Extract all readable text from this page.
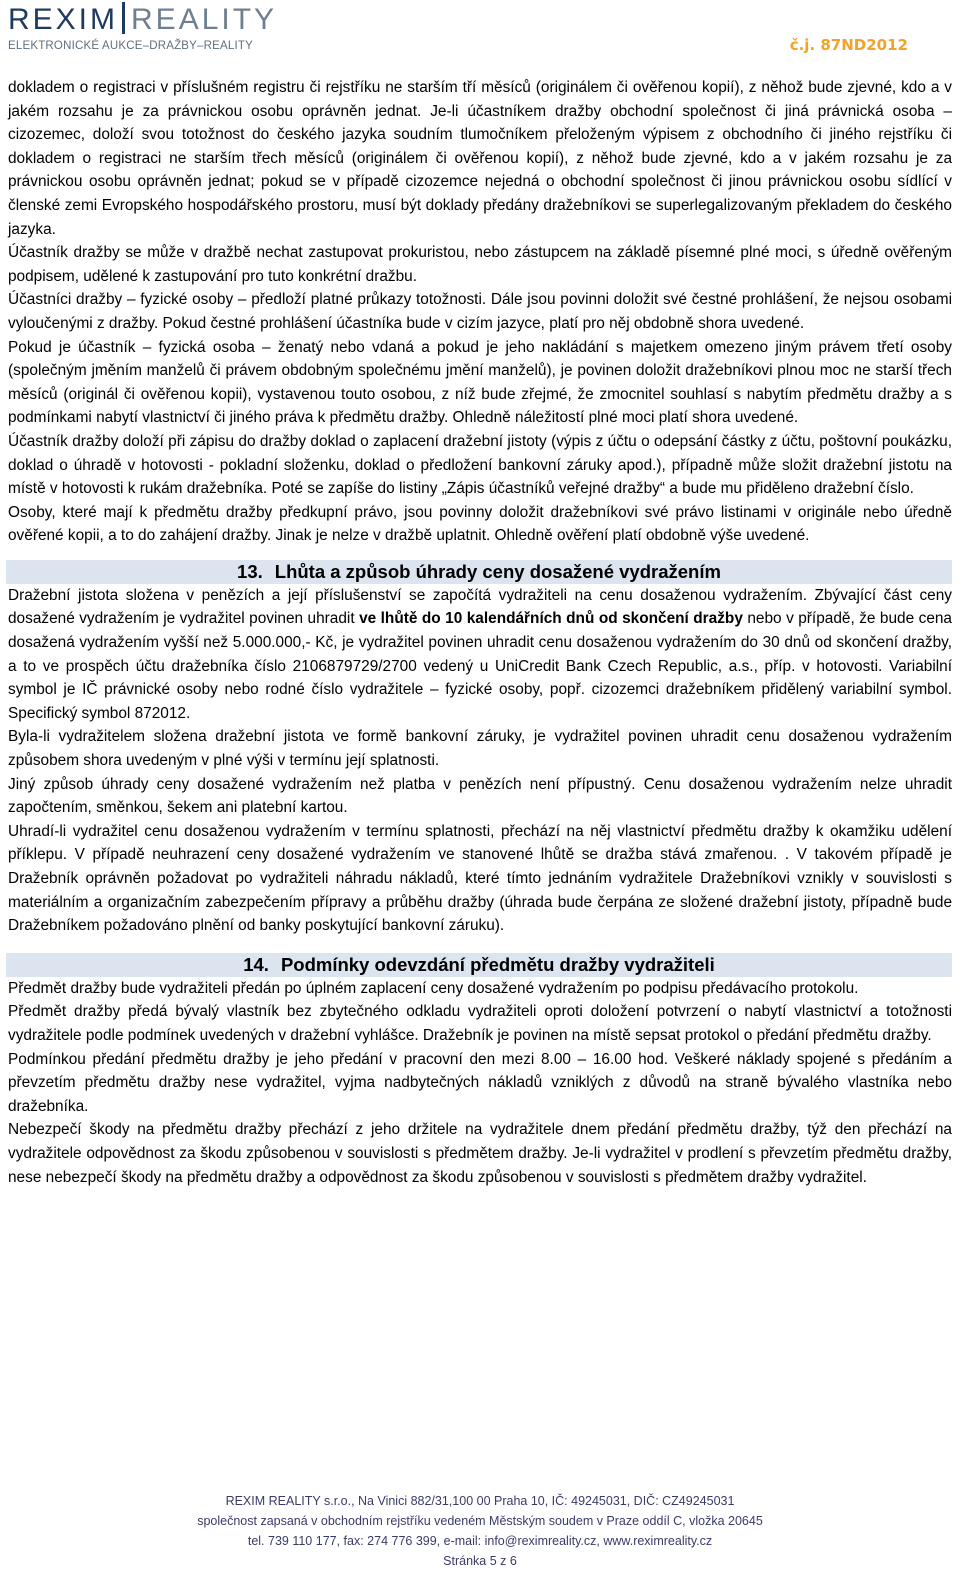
REXIM REALITY
ELEKTRONICKÉ AUKCE–DRAŽBY–REALITY	č.j. 87ND2012

dokladem o registraci v příslušném registru či rejstříku ne starším tří měsíců (originálem či ověřenou kopií), z něhož bude zjevné, kdo a v jakém rozsahu je za právnickou osobu oprávněn jednat. Je-li účastníkem dražby obchodní společnost či jiná právnická osoba – cizozemec, doloží svou totožnost do českého jazyka soudním tlumočníkem přeloženým výpisem z obchodního či jiného rejstříku či dokladem o registraci ne starším třech měsíců (originálem či ověřenou kopií), z něhož bude zjevné, kdo a v jakém rozsahu je za právnickou osobu oprávněn jednat; pokud se v případě cizozemce nejedná o obchodní společnost či jinou právnickou osobu sídlící v členské zemi Evropského hospodářského prostoru, musí být doklady předány dražebníkovi se superlegalizovaným překladem do českého jazyka.

Účastník dražby se může v dražbě nechat zastupovat prokuristou, nebo zástupcem na základě písemné plné moci, s úředně ověřeným podpisem, udělené k zastupování pro tuto konkrétní dražbu.

Účastníci dražby – fyzické osoby – předloží platné průkazy totožnosti. Dále jsou povinni doložit své čestné prohlášení, že nejsou osobami vyloučenými z dražby. Pokud čestné prohlášení účastníka bude v cizím jazyce, platí pro něj obdobně shora uvedené.

Pokud je účastník – fyzická osoba – ženatý nebo vdaná a pokud je jeho nakládání s majetkem omezeno jiným právem třetí osoby (společným jměním manželů či právem obdobným společnému jmění manželů), je povinen doložit dražebníkovi plnou moc ne starší třech měsíců (originál či ověřenou kopii), vystavenou touto osobou, z níž bude zřejmé, že zmocnitel souhlasí s nabytím předmětu dražby a s podmínkami nabytí vlastnictví či jiného práva k předmětu dražby. Ohledně náležitostí plné moci platí shora uvedené.

Účastník dražby doloží při zápisu do dražby doklad o zaplacení dražební jistoty (výpis z účtu o odepsání částky z účtu, poštovní poukázku, doklad o úhradě v hotovosti - pokladní složenku, doklad o předložení bankovní záruky apod.), případně může složit dražební jistotu na místě v hotovosti k rukám dražebníka. Poté se zapíše do listiny „Zápis účastníků veřejné dražby“ a bude mu přiděleno dražební číslo.

Osoby, které mají k předmětu dražby předkupní právo, jsou povinny doložit dražebníkovi své právo listinami v originále nebo úředně ověřené kopii, a to do zahájení dražby. Jinak je nelze v dražbě uplatnit. Ohledně ověření platí obdobně výše uvedené.

13. Lhůta a způsob úhrady ceny dosažené vydražením

Dražební jistota složena v penězích a její příslušenství se započítá vydražiteli na cenu dosaženou vydražením. Zbývající část ceny dosažené vydražením je vydražitel povinen uhradit ve lhůtě do 10 kalendářních dnů od skončení dražby nebo v případě, že bude cena dosažená vydražením vyšší než 5.000.000,- Kč, je vydražitel povinen uhradit cenu dosaženou vydražením do 30 dnů od skončení dražby, a to ve prospěch účtu dražebníka číslo 2106879729/2700 vedený u UniCredit Bank Czech Republic, a.s., příp. v hotovosti. Variabilní symbol je IČ právnické osoby nebo rodné číslo vydražitele – fyzické osoby, popř. cizozemci dražebníkem přidělený variabilní symbol. Specifický symbol 872012.

Byla-li vydražitelem složena dražební jistota ve formě bankovní záruky, je vydražitel povinen uhradit cenu dosaženou vydražením způsobem shora uvedeným v plné výši v termínu její splatnosti.

Jiný způsob úhrady ceny dosažené vydražením než platba v penězích není přípustný. Cenu dosaženou vydražením nelze uhradit započtením, směnkou, šekem ani platební kartou.

Uhradí-li vydražitel cenu dosaženou vydražením v termínu splatnosti, přechází na něj vlastnictví předmětu dražby k okamžiku udělení příklepu. V případě neuhrazení ceny dosažené vydražením ve stanovené lhůtě se dražba stává zmařenou. . V takovém případě je Dražebník oprávněn požadovat po vydražiteli náhradu nákladů, které tímto jednáním vydražitele Dražebníkovi vznikly v souvislosti s materiálním a organizačním zabezpečením přípravy a průběhu dražby (úhrada bude čerpána ze složené dražební jistoty, případně bude Dražebníkem požadováno plnění od banky poskytující bankovní záruku).

14. Podmínky odevzdání předmětu dražby vydražiteli

Předmět dražby bude vydražiteli předán po úplném zaplacení ceny dosažené vydražením po podpisu předávacího protokolu.

Předmět dražby předá bývalý vlastník bez zbytečného odkladu vydražiteli oproti doložení potvrzení o nabytí vlastnictví a totožnosti vydražitele podle podmínek uvedených v dražební vyhlášce. Dražebník je povinen na místě sepsat protokol o předání předmětu dražby.

Podmínkou předání předmětu dražby je jeho předání v pracovní den mezi 8.00 – 16.00 hod. Veškeré náklady spojené s předáním a převzetím předmětu dražby nese vydražitel, vyjma nadbytečných nákladů vzniklých z důvodů na straně bývalého vlastníka nebo dražebníka.

Nebezpečí škody na předmětu dražby přechází z jeho držitele na vydražitele dnem předání předmětu dražby, týž den přechází na vydražitele odpovědnost za škodu způsobenou v souvislosti s předmětem dražby. Je-li vydražitel v prodlení s převzetím předmětu dražby, nese nebezpečí škody na předmětu dražby a odpovědnost za škodu způsobenou v souvislosti s předmětem dražby vydražitel.

REXIM REALITY s.r.o., Na Vinici 882/31,100 00 Praha 10, IČ: 49245031, DIČ: CZ49245031
společnost zapsaná v obchodním rejstříku vedeném Městským soudem v Praze oddíl C, vložka 20645
tel. 739 110 177, fax: 274 776 399, e-mail: info@reximreality.cz, www.reximreality.cz
Stránka 5 z 6
